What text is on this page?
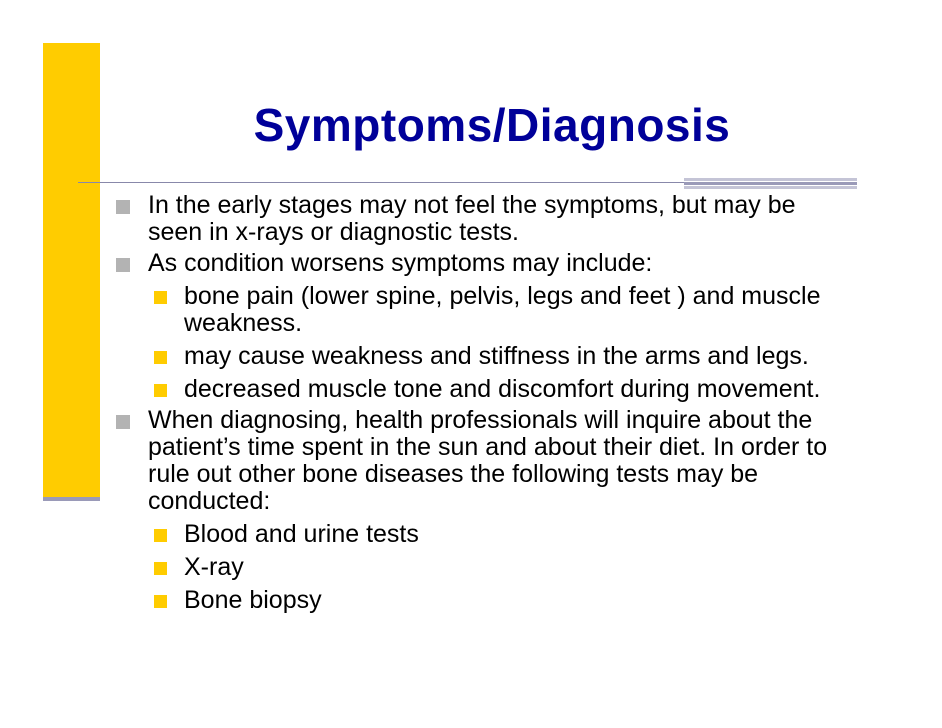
Symptoms/Diagnosis
In the early stages may not feel the symptoms, but may be seen in x-rays or diagnostic tests.
As condition worsens symptoms may include:
bone pain (lower spine, pelvis, legs and feet ) and muscle weakness.
may cause weakness and stiffness in the arms and legs.
decreased muscle tone and discomfort during movement.
When diagnosing, health professionals will inquire about the patient’s time spent in the sun and about their diet. In order to rule out other bone diseases the following tests may be conducted:
Blood and urine tests
X-ray
Bone biopsy
